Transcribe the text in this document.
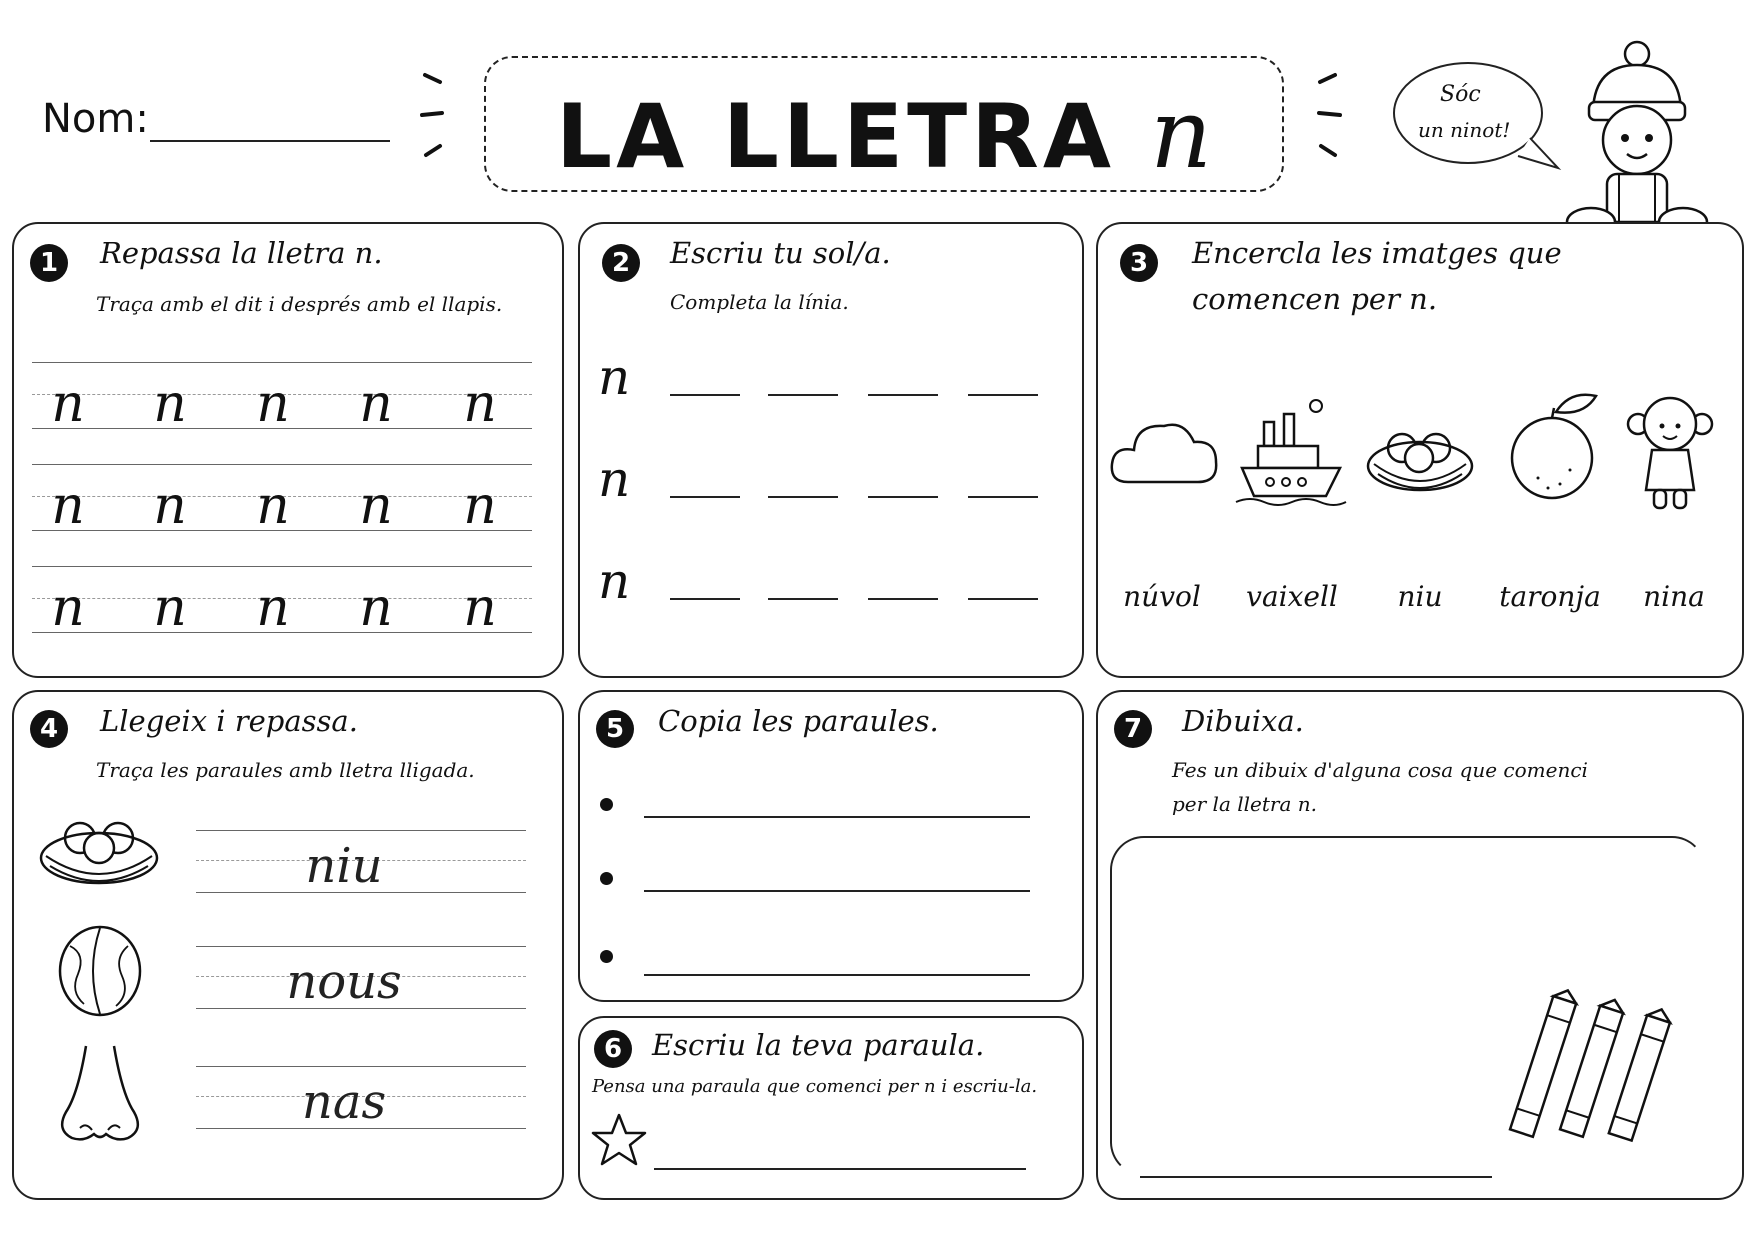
Nom:	LA LLETRA n	Sóc
un ninot!
1	Repassa la lletra n.
Traça amb el dit i després amb el llapis.
n n n n n
n n n n n
n n n n n
2	Escriu tu sol/a.
Completa la línia.
n
n
n
3	Encercla les imatges que
comencen per n.
núvol	vaixell	niu	taronja	nina
4	Llegeix i repassa.
Traça les paraules amb lletra lligada.
niu
nous
nas
5	Copia les paraules.
6	Escriu la teva paraula.
Pensa una paraula que comenci per n i escriu-la.
7	Dibuixa.
Fes un dibuix d'alguna cosa que comenci
per la lletra n.
